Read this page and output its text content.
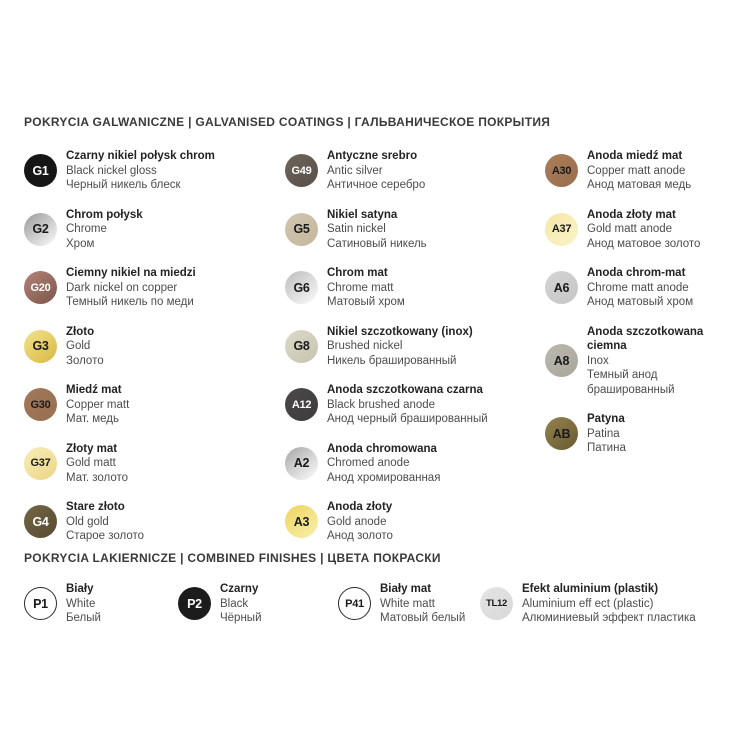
POKRYCIA GALWANICZNE | GALVANISED COATINGS | ГАЛЬВАНИЧЕСКОЕ ПОКРЫТИЯ
G1
Czarny nikiel połysk chrom
Black nickel gloss
Черный никель блеск
G2
Chrom połysk
Chrome
Хром
G20
Ciemny nikiel na miedzi
Dark nickel on copper
Темный никель по меди
G3
Złoto
Gold
Золото
G30
Miedź mat
Copper matt
Мат. медь
G37
Złoty mat
Gold matt
Мат. золото
G4
Stare złoto
Old gold
Старое золото
G49
Antyczne srebro
Antic silver
Античное серебро
G5
Nikiel satyna
Satin nickel
Сатиновый никель
G6
Chrom mat
Chrome matt
Матовый хром
G8
Nikiel szczotkowany (inox)
Brushed nickel
Никель брашированный
A12
Anoda szczotkowana czarna
Black brushed anode
Анод черный брашированный
A2
Anoda chromowana
Chromed anode
Анод хромированная
A3
Anoda złoty
Gold anode
Анод золото
A30
Anoda miedź mat
Copper matt anode
Анод матовая медь
A37
Anoda złoty mat
Gold matt anode
Анод матовое золото
A6
Anoda chrom-mat
Chrome matt anode
Анод матовый хром
A8
Anoda szczotkowana ciemna
Inox
Темный анод брашированный
AB
Patyna
Patina
Патина
POKRYCIA LAKIERNICZE | COMBINED FINISHES | ЦВЕТА ПОКРАСКИ
P1
Biały
White
Белый
P2
Czarny
Black
Чёрный
P41
Biały mat
White matt
Матовый белый
TL12
Efekt aluminium (plastik)
Aluminium eff ect (plastic)
Алюминиевый эффект пластика
